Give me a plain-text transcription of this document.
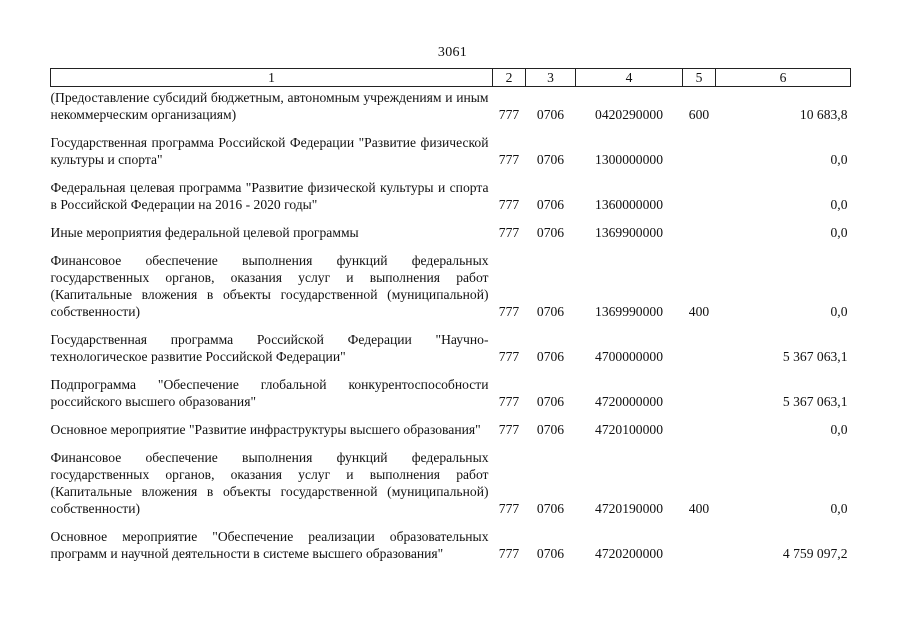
3061
1	2	3	4	5	6
(Предоставление субсидий бюджетным, автономным учреждениям и иным некоммерческим организациям)	777	0706	0420290000	600	10 683,8
Государственная программа Российской Федерации "Развитие физической культуры и спорта"	777	0706	1300000000		0,0
Федеральная целевая программа "Развитие физической культуры и спорта в Российской Федерации на 2016 - 2020 годы"	777	0706	1360000000		0,0
Иные мероприятия федеральной целевой программы	777	0706	1369900000		0,0
Финансовое обеспечение выполнения функций федеральных государственных органов, оказания услуг и выполнения работ (Капитальные вложения в объекты государственной (муниципальной) собственности)	777	0706	1369990000	400	0,0
Государственная программа Российской Федерации "Научно-технологическое развитие Российской Федерации"	777	0706	4700000000		5 367 063,1
Подпрограмма "Обеспечение глобальной конкурентоспособности российского высшего образования"	777	0706	4720000000		5 367 063,1
Основное мероприятие "Развитие инфраструктуры высшего образования"	777	0706	4720100000		0,0
Финансовое обеспечение выполнения функций федеральных государственных органов, оказания услуг и выполнения работ (Капитальные вложения в объекты государственной (муниципальной) собственности)	777	0706	4720190000	400	0,0
Основное мероприятие "Обеспечение реализации образовательных программ и научной деятельности в системе высшего образования"	777	0706	4720200000		4 759 097,2
